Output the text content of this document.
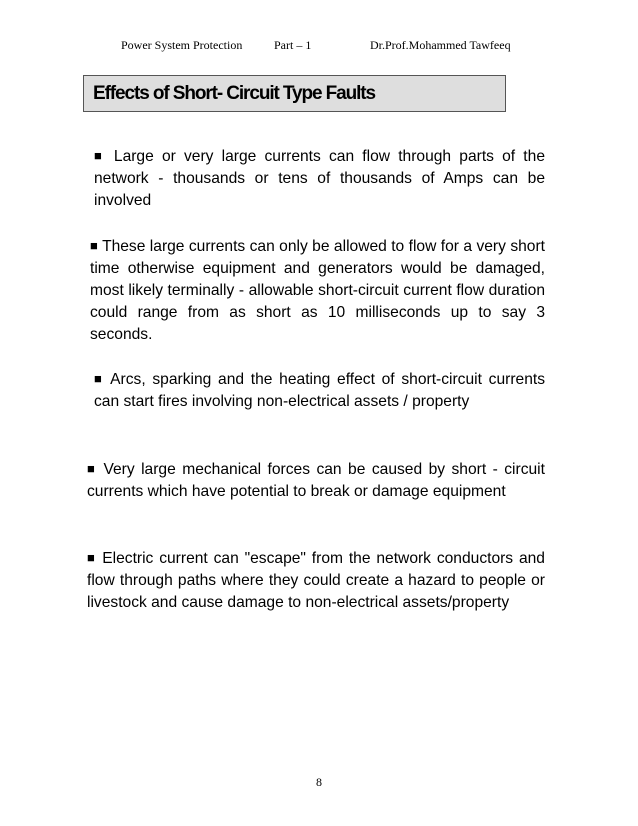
Power System Protection	Part – 1	Dr.Prof.Mohammed Tawfeeq
Effects of Short- Circuit Type Faults

■ Large or very large currents can flow through parts of the network - thousands or tens of thousands of Amps can be involved

■ These large currents can only be allowed to flow for a very short time otherwise equipment and generators would be damaged, most likely terminally - allowable short-circuit current flow duration could range from as short as 10 milliseconds up to say 3 seconds.

■ Arcs, sparking and the heating effect of short-circuit currents can start fires involving non-electrical assets / property

■ Very large mechanical forces can be caused by short - circuit currents which have potential to break or damage equipment

■ Electric current can "escape" from the network conductors and flow through paths where they could create a hazard to people or livestock and cause damage to non-electrical assets/property

8
